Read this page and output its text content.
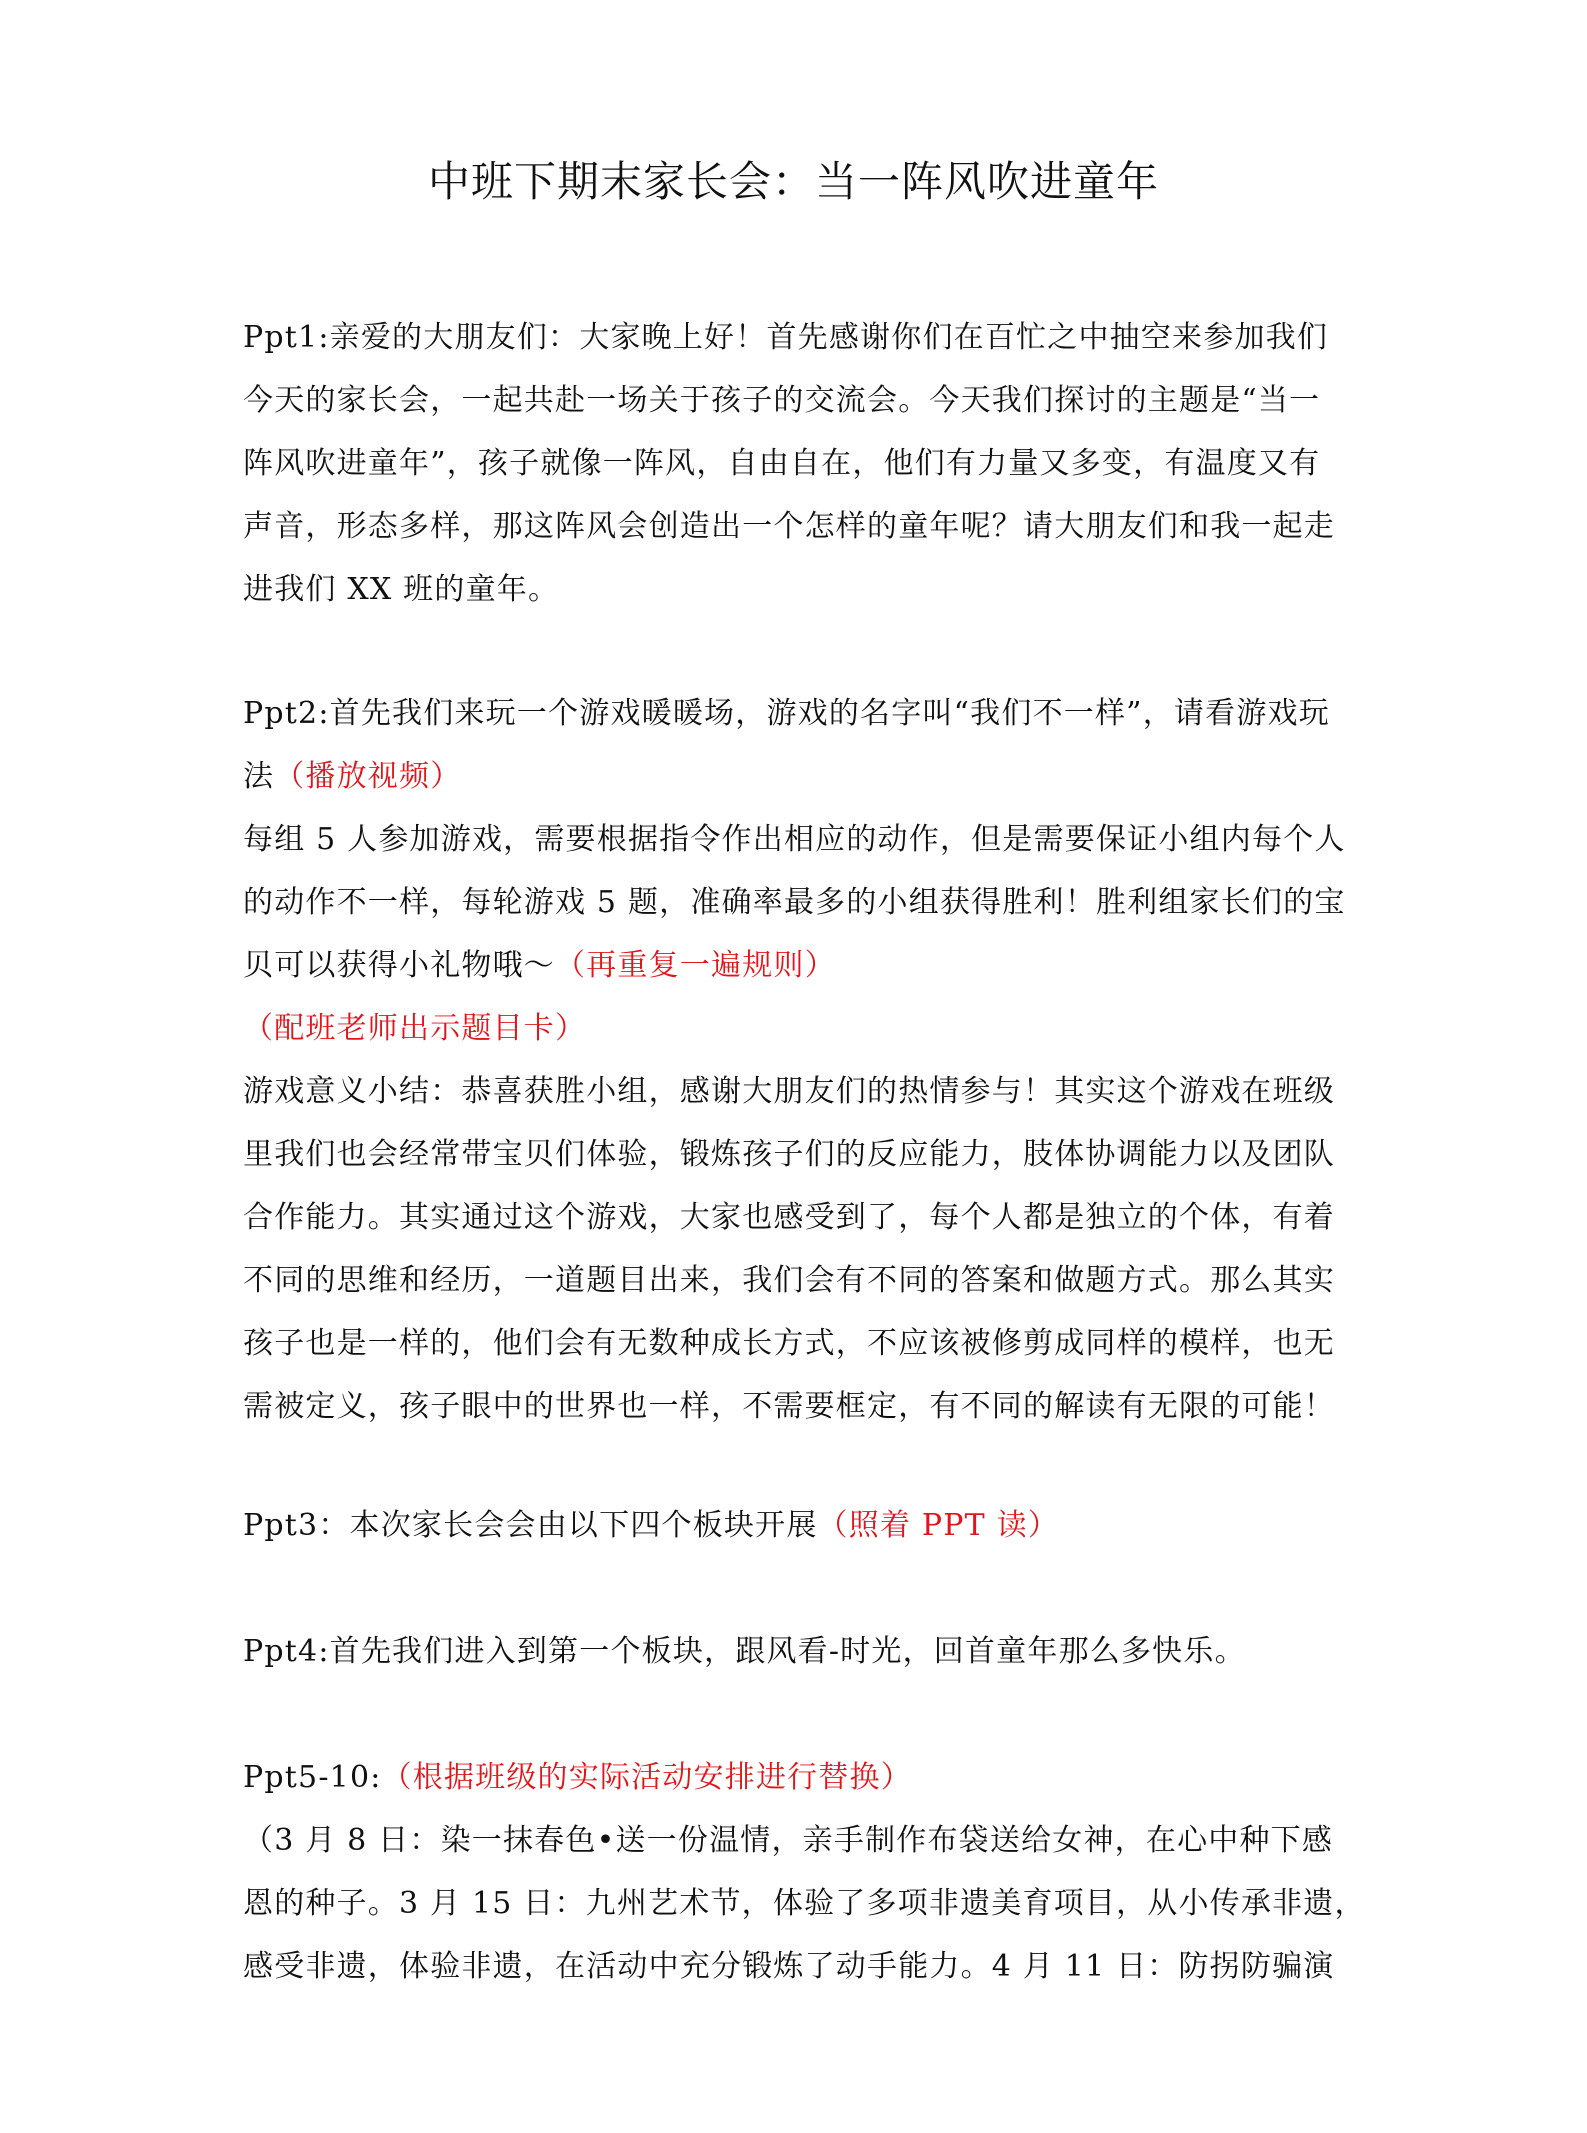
中班下期末家长会：当一阵风吹进童年
Ppt1:亲爱的大朋友们：大家晚上好！首先感谢你们在百忙之中抽空来参加我们
今天的家长会，一起共赴一场关于孩子的交流会。今天我们探讨的主题是“当一
阵风吹进童年”，孩子就像一阵风，自由自在，他们有力量又多变，有温度又有
声音，形态多样，那这阵风会创造出一个怎样的童年呢？请大朋友们和我一起走
进我们 XX 班的童年。
Ppt2:首先我们来玩一个游戏暖暖场，游戏的名字叫“我们不一样”，请看游戏玩
法（播放视频）
每组 5 人参加游戏，需要根据指令作出相应的动作，但是需要保证小组内每个人
的动作不一样，每轮游戏 5 题，准确率最多的小组获得胜利！胜利组家长们的宝
贝可以获得小礼物哦～（再重复一遍规则）
（配班老师出示题目卡）
游戏意义小结：恭喜获胜小组，感谢大朋友们的热情参与！其实这个游戏在班级
里我们也会经常带宝贝们体验，锻炼孩子们的反应能力，肢体协调能力以及团队
合作能力。其实通过这个游戏，大家也感受到了，每个人都是独立的个体，有着
不同的思维和经历，一道题目出来，我们会有不同的答案和做题方式。那么其实
孩子也是一样的，他们会有无数种成长方式，不应该被修剪成同样的模样，也无
需被定义，孩子眼中的世界也一样，不需要框定，有不同的解读有无限的可能！
Ppt3：本次家长会会由以下四个板块开展（照着 PPT 读）
Ppt4:首先我们进入到第一个板块，跟风看-时光，回首童年那么多快乐。
Ppt5-10:（根据班级的实际活动安排进行替换）
（3 月 8 日：染一抹春色•送一份温情，亲手制作布袋送给女神，在心中种下感
恩的种子。3 月 15 日：九州艺术节，体验了多项非遗美育项目，从小传承非遗，
感受非遗，体验非遗，在活动中充分锻炼了动手能力。4 月 11 日：防拐防骗演
